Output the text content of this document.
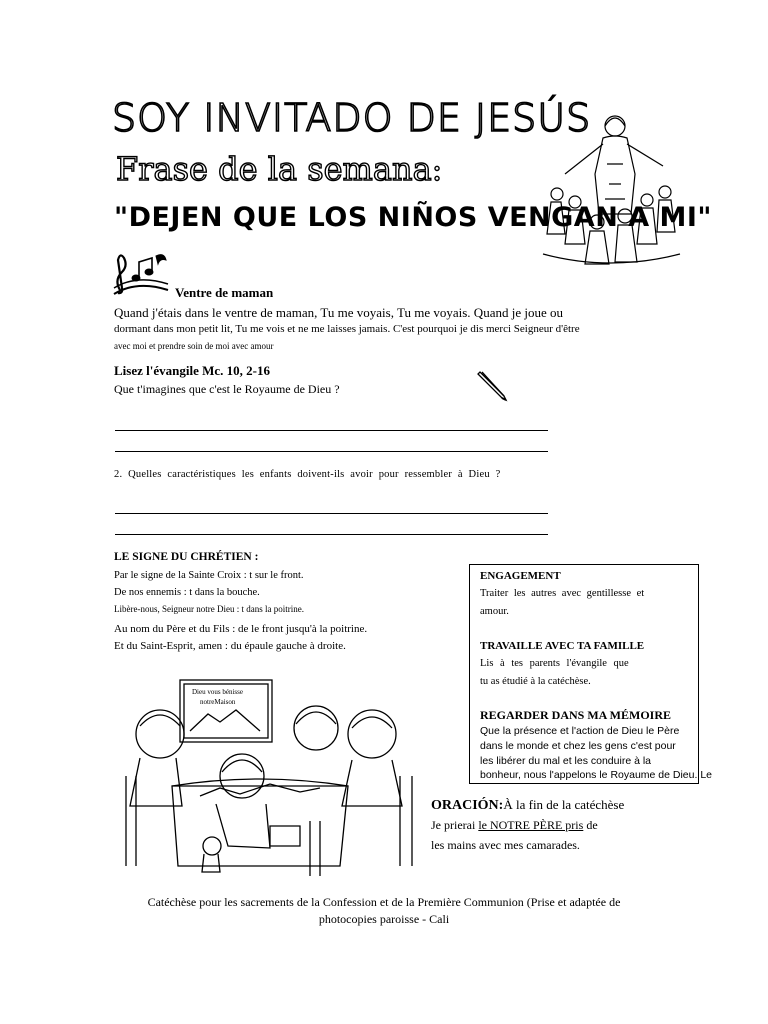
SOY INVITADO DE JESÚS
Frase de la semana:
"DEJEN QUE LOS NIÑOS VENGAN A MI"
Ventre de maman
Quand j'étais dans le ventre de maman, Tu me voyais, Tu me voyais. Quand je joue ou
dormant dans mon petit lit, Tu me vois et ne me laisses jamais. C'est pourquoi je dis merci Seigneur d'être
avec moi et prendre soin de moi avec amour
Lisez l'évangile Mc. 10, 2-16
Que t'imagines que c'est le Royaume de Dieu ?
2. Quelles caractéristiques les enfants doivent-ils avoir pour ressembler à Dieu ?
LE SIGNE DU CHRÉTIEN :
Par le signe de la Sainte Croix : t sur le front.
De nos ennemis : t dans la bouche.
Libère-nous, Seigneur notre Dieu : t dans la poitrine.
Au nom du Père et du Fils : de le front jusqu'à la poitrine.
Et du Saint-Esprit, amen : du épaule gauche à droite.
ENGAGEMENT
Traiter les autres avec gentillesse et
amour.
TRAVAILLE AVEC TA FAMILLE
Lis à tes parents l'évangile que
tu as étudié à la catéchèse.
REGARDER DANS MA MÉMOIRE
Que la présence et l'action de Dieu le Père
dans le monde et chez les gens c'est pour
les libérer du mal et les conduire à la
bonheur, nous l'appelons le Royaume de Dieu. Le
Dieu vous bénisse
notreMaison
ORACIÓN:À la fin de la catéchèse
Je prierai le NOTRE PÈRE pris de
les mains avec mes camarades.
Catéchèse pour les sacrements de la Confession et de la Première Communion (Prise et adaptée de
photocopies paroisse - Cali
